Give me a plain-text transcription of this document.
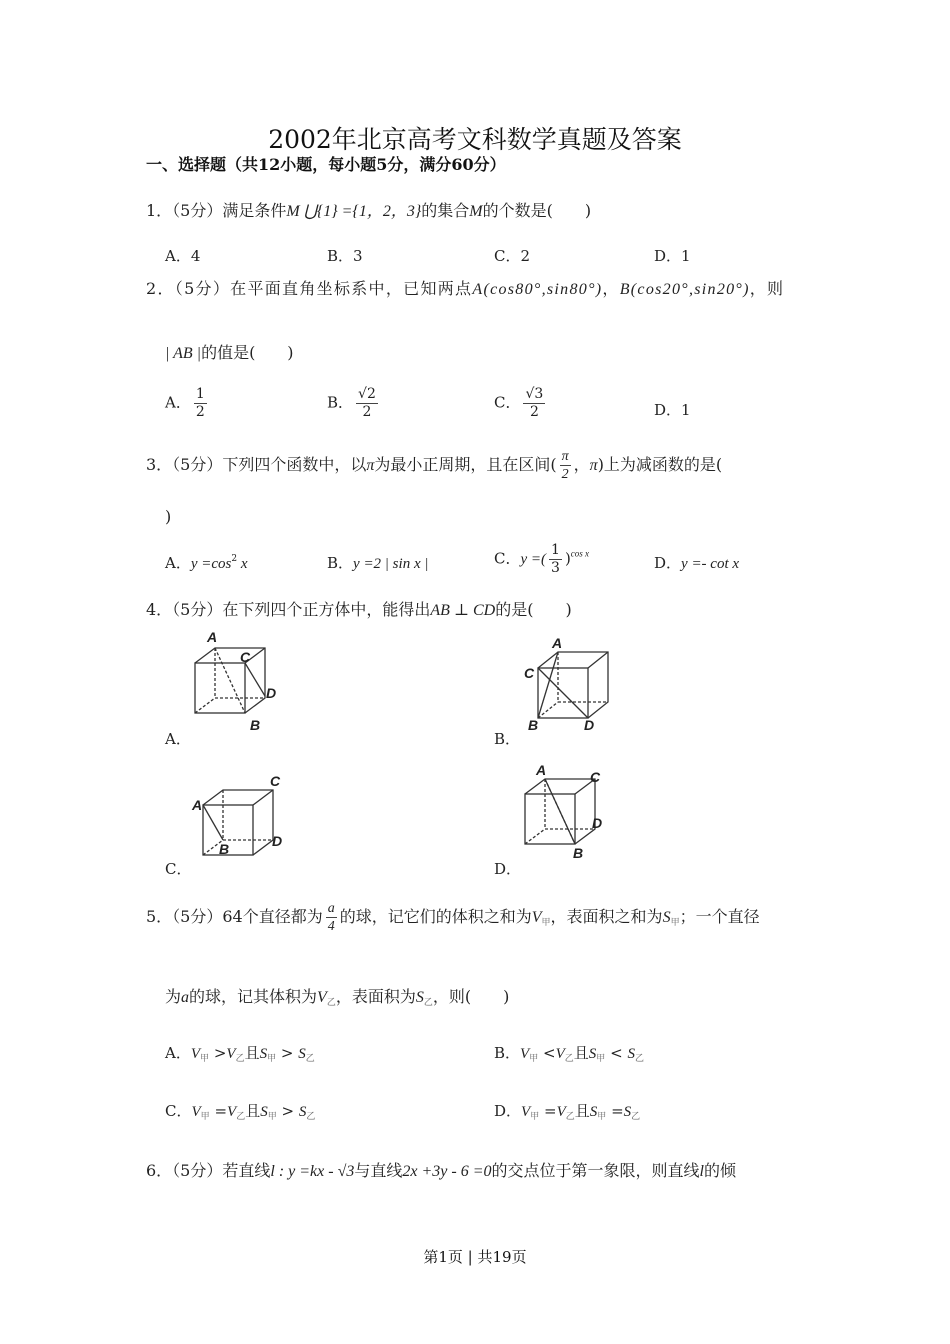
2002年北京高考文科数学真题及答案
一、选择题（共12小题，每小题5分，满分60分）
1．（5分）满足条件M ⋃{1} ={1，2，3}的集合M的个数是(　　)
A．4	B．3	C．2	D．1
2．（5分）在平面直角坐标系中，已知两点A(cos80°,sin80°)，B(cos20°,sin20°)，则
| AB |的值是(　　)
A． $\frac{1}{2}$	B． $\frac{√2}{2}$	C． $\frac{√3}{2}$	D．1
3．（5分）下列四个函数中，以π为最小正周期，且在区间( $\frac{\pi}{2}$ ，π)上为减函数的是(
)
A．$y =\cos^2$ x	B．y =2 | sin x |	C．y =( $\frac{1}{3} )^{cos x}$
D．y =- cot x
4．（5分）在下列四个正方体中，能得出AB ⊥ CD的是(　　)
A
C
D
B
A．
A
C
B	D
B．
A
C
D
B
C．
A	C
D
B
D．
5．（5分）64个直径都为 $\frac{a}{4}$ 的球，记它们的体积之和为$V_甲$，表面积之和为$S_甲$；一个直径
为a的球，记其体积为$V_乙$，表面积为$S_乙$，则(　　)
A．$V_甲 >V_乙$且$S_甲 > S_乙$	B．$V_甲 <V_乙$且$S_甲 < S_乙$
C．$V_甲 =V_乙$且$S_甲 > S_乙$	D．$V_甲 =V_乙$且$S_甲 =S_乙$
6．（5分）若直线l : y =kx - √3与直线2x +3y - 6 =0的交点位于第一象限，则直线l的倾
第1页 | 共19页
